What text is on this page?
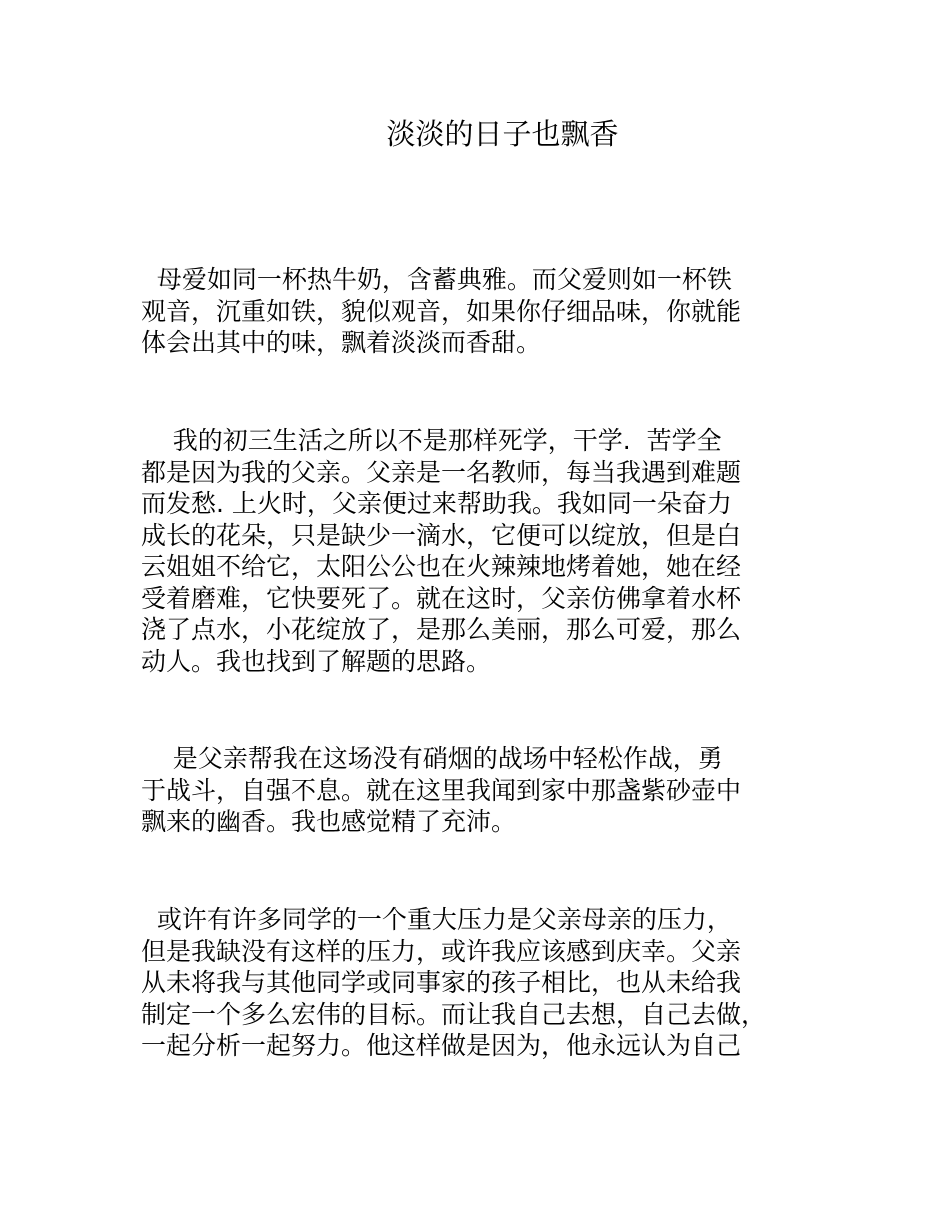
淡淡的日子也飘香
母爱如同一杯热牛奶，含蓄典雅。而父爱则如一杯铁
观音，沉重如铁，貌似观音，如果你仔细品味，你就能
体会出其中的味，飘着淡淡而香甜。
我的初三生活之所以不是那样死学，干学.  苦学全
都是因为我的父亲。父亲是一名教师，每当我遇到难题
而发愁. 上火时，父亲便过来帮助我。我如同一朵奋力
成长的花朵，只是缺少一滴水，它便可以绽放，但是白
云姐姐不给它，太阳公公也在火辣辣地烤着她，她在经
受着磨难，它快要死了。就在这时，父亲仿佛拿着水杯
浇了点水，小花绽放了，是那么美丽，那么可爱，那么
动人。我也找到了解题的思路。
是父亲帮我在这场没有硝烟的战场中轻松作战，勇
于战斗，自强不息。就在这里我闻到家中那盏紫砂壶中
飘来的幽香。我也感觉精了充沛。
或许有许多同学的一个重大压力是父亲母亲的压力，
但是我缺没有这样的压力，或许我应该感到庆幸。父亲
从未将我与其他同学或同事家的孩子相比，也从未给我
制定一个多么宏伟的目标。而让我自己去想，自己去做，
一起分析一起努力。他这样做是因为，他永远认为自己
